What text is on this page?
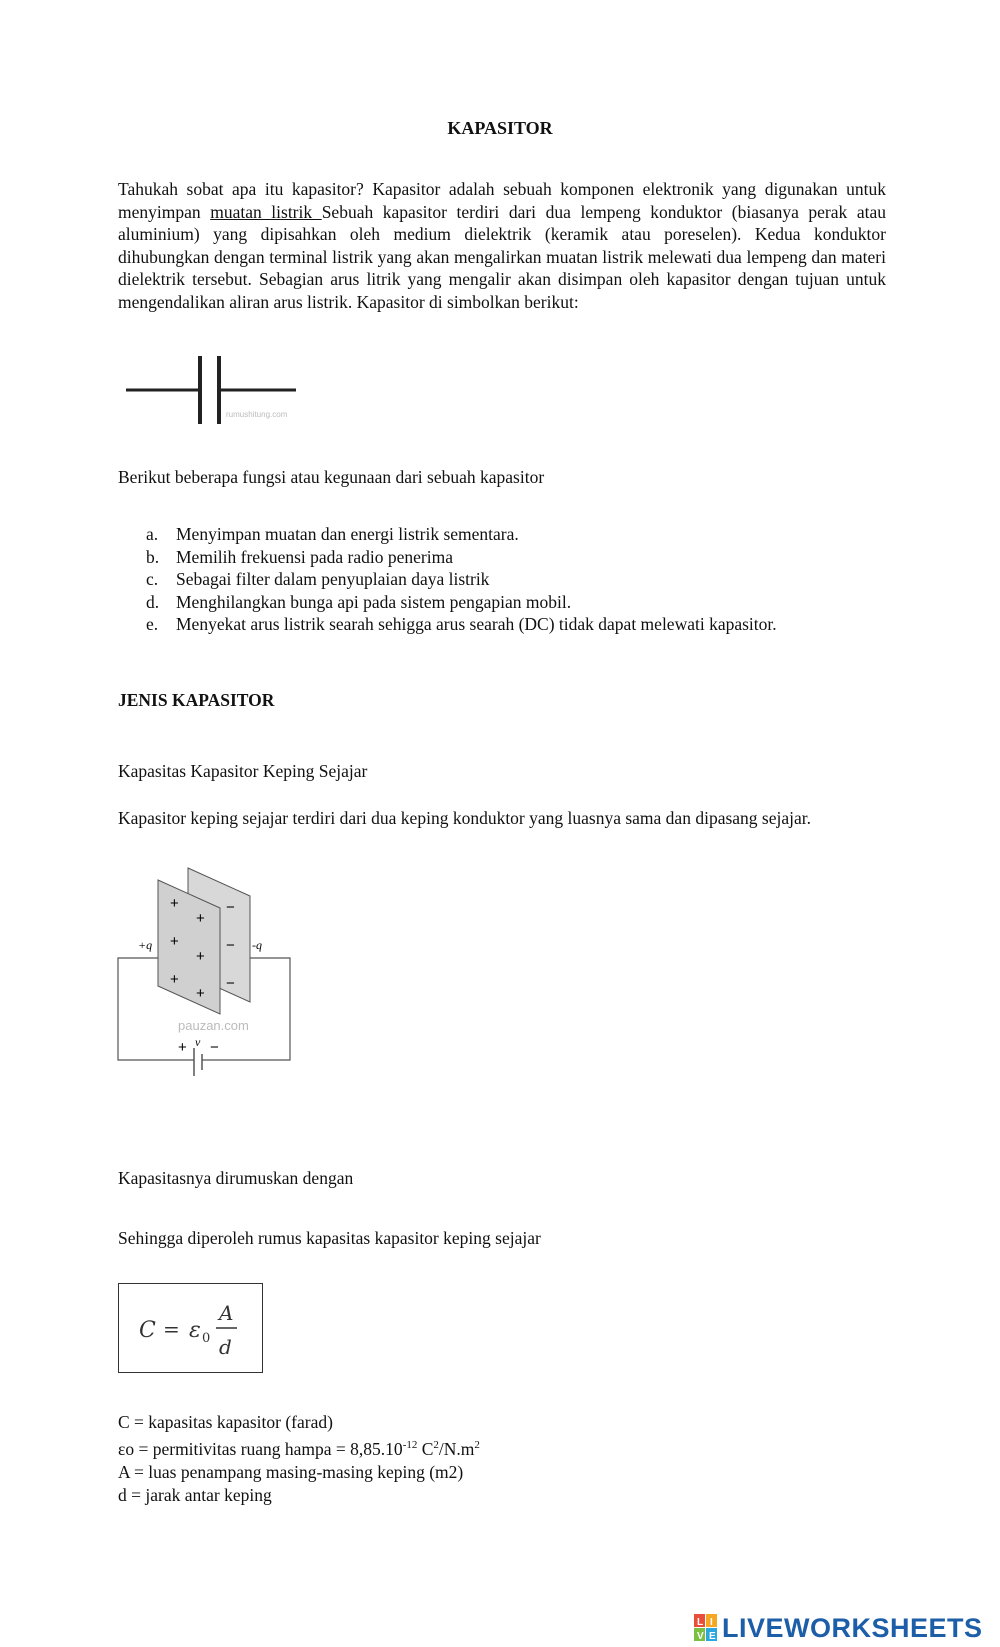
KAPASITOR

Tahukah sobat apa itu kapasitor? Kapasitor adalah sebuah komponen elektronik yang digunakan untuk menyimpan muatan listrik Sebuah kapasitor terdiri dari dua lempeng konduktor (biasanya perak atau aluminium) yang dipisahkan oleh medium dielektrik (keramik atau poreselen). Kedua konduktor dihubungkan dengan terminal listrik yang akan mengalirkan muatan listrik melewati dua lempeng dan materi dielektrik tersebut. Sebagian arus litrik yang mengalir akan disimpan oleh kapasitor dengan tujuan untuk mengendalikan aliran arus listrik. Kapasitor di simbolkan berikut:

rumushitung.com
Berikut beberapa fungsi atau kegunaan dari sebuah kapasitor
a.	Menyimpan muatan dan energi listrik sementara.
b. Memilih frekuensi pada radio penerima
c.	Sebagai filter dalam penyuplaian daya listrik
d. Menghilangkan bunga api pada sistem pengapian mobil.
e.	Menyekat arus listrik searah sehigga arus searah (DC) tidak dapat melewati kapasitor.
JENIS KAPASITOR
Kapasitas Kapasitor Keping Sejajar
Kapasitor keping sejajar terdiri dari dua keping konduktor yang luasnya sama dan dipasang sejajar.
+
+
+
+
+
+
−
−
−
+q	-q
+ −
v
pauzan.com
Kapasitasnya dirumuskan dengan
Sehingga diperoleh rumus kapasitas kapasitor keping sejajar
C = ε 0
A
d
C = kapasitas kapasitor (farad)
εo = permitivitas ruang hampa = $8,85.10^{-12}$ $C^2/N.m^2$
A = luas penampang masing-masing keping (m2)
d = jarak antar keping
L I
V E LIVEWORKSHEETS
